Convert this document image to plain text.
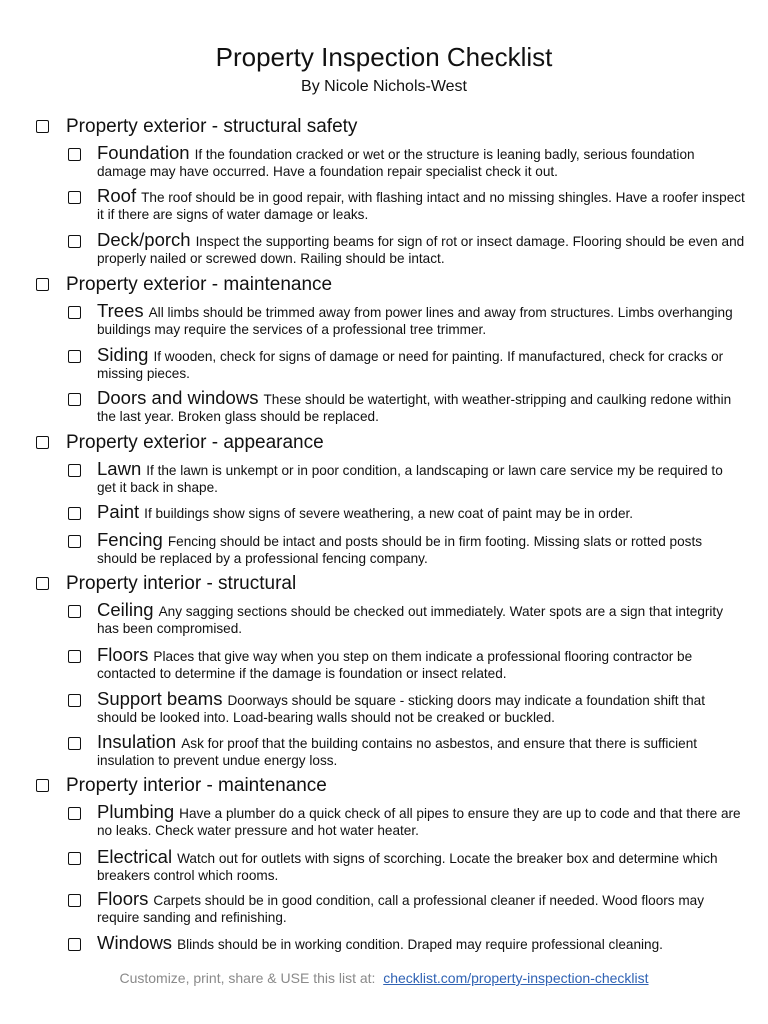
Property Inspection Checklist
By Nicole Nichols-West
Property exterior - structural safety
Foundation If the foundation cracked or wet or the structure is leaning badly, serious foundation damage may have occurred. Have a foundation repair specialist check it out.
Roof The roof should be in good repair, with flashing intact and no missing shingles. Have a roofer inspect it if there are signs of water damage or leaks.
Deck/porch Inspect the supporting beams for sign of rot or insect damage. Flooring should be even and properly nailed or screwed down. Railing should be intact.
Property exterior - maintenance
Trees All limbs should be trimmed away from power lines and away from structures. Limbs overhanging buildings may require the services of a professional tree trimmer.
Siding If wooden, check for signs of damage or need for painting. If manufactured, check for cracks or missing pieces.
Doors and windows These should be watertight, with weather-stripping and caulking redone within the last year. Broken glass should be replaced.
Property exterior - appearance
Lawn If the lawn is unkempt or in poor condition, a landscaping or lawn care service my be required to get it back in shape.
Paint If buildings show signs of severe weathering, a new coat of paint may be in order.
Fencing Fencing should be intact and posts should be in firm footing. Missing slats or rotted posts should be replaced by a professional fencing company.
Property interior - structural
Ceiling Any sagging sections should be checked out immediately. Water spots are a sign that integrity has been compromised.
Floors Places that give way when you step on them indicate a professional flooring contractor be contacted to determine if the damage is foundation or insect related.
Support beams Doorways should be square - sticking doors may indicate a foundation shift that should be looked into. Load-bearing walls should not be creaked or buckled.
Insulation Ask for proof that the building contains no asbestos, and ensure that there is sufficient insulation to prevent undue energy loss.
Property interior - maintenance
Plumbing Have a plumber do a quick check of all pipes to ensure they are up to code and that there are no leaks. Check water pressure and hot water heater.
Electrical Watch out for outlets with signs of scorching. Locate the breaker box and determine which breakers control which rooms.
Floors Carpets should be in good condition, call a professional cleaner if needed. Wood floors may require sanding and refinishing.
Windows Blinds should be in working condition. Draped may require professional cleaning.
Customize, print, share & USE this list at: checklist.com/property-inspection-checklist
